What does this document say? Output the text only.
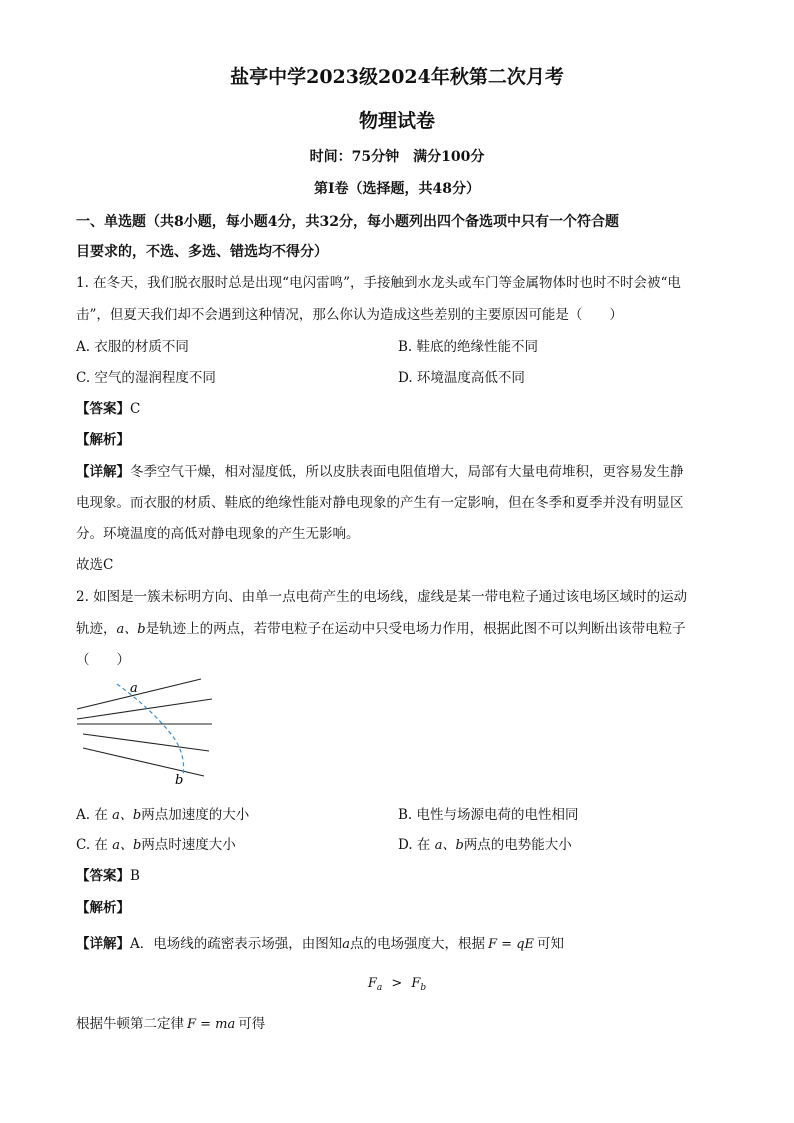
盐亭中学2023级2024年秋第二次月考
物理试卷
时间：75分钟　满分100分
第Ⅰ卷（选择题，共48分）
一、单选题（共8小题，每小题4分，共32分，每小题列出四个备选项中只有一个符合题
目要求的，不选、多选、错选均不得分）
1. 在冬天，我们脱衣服时总是出现“电闪雷鸣”，手接触到水龙头或车门等金属物体时也时不时会被“电
击”，但夏天我们却不会遇到这种情况，那么你认为造成这些差别的主要原因可能是（　　）
A. 衣服的材质不同	B. 鞋底的绝缘性能不同
C. 空气的湿润程度不同	D. 环境温度高低不同
【答案】C
【解析】
【详解】冬季空气干燥，相对湿度低，所以皮肤表面电阻值增大，局部有大量电荷堆积，更容易发生静
电现象。而衣服的材质、鞋底的绝缘性能对静电现象的产生有一定影响，但在冬季和夏季并没有明显区
分。环境温度的高低对静电现象的产生无影响。
故选C
2. 如图是一簇未标明方向、由单一点电荷产生的电场线，虚线是某一带电粒子通过该电场区域时的运动
轨迹，a、b是轨迹上的两点，若带电粒子在运动中只受电场力作用，根据此图不可以判断出该带电粒子
（　　）
a
b
A. 在 a、b两点加速度的大小	B. 电性与场源电荷的电性相同
C. 在 a、b两点时速度大小	D. 在 a、b两点的电势能大小
【答案】B
【解析】
【详解】A．电场线的疏密表示场强，由图知a点的电场强度大，根据 F = qE 可知
$F_a > F_b$
根据牛顿第二定律 F = ma 可得
